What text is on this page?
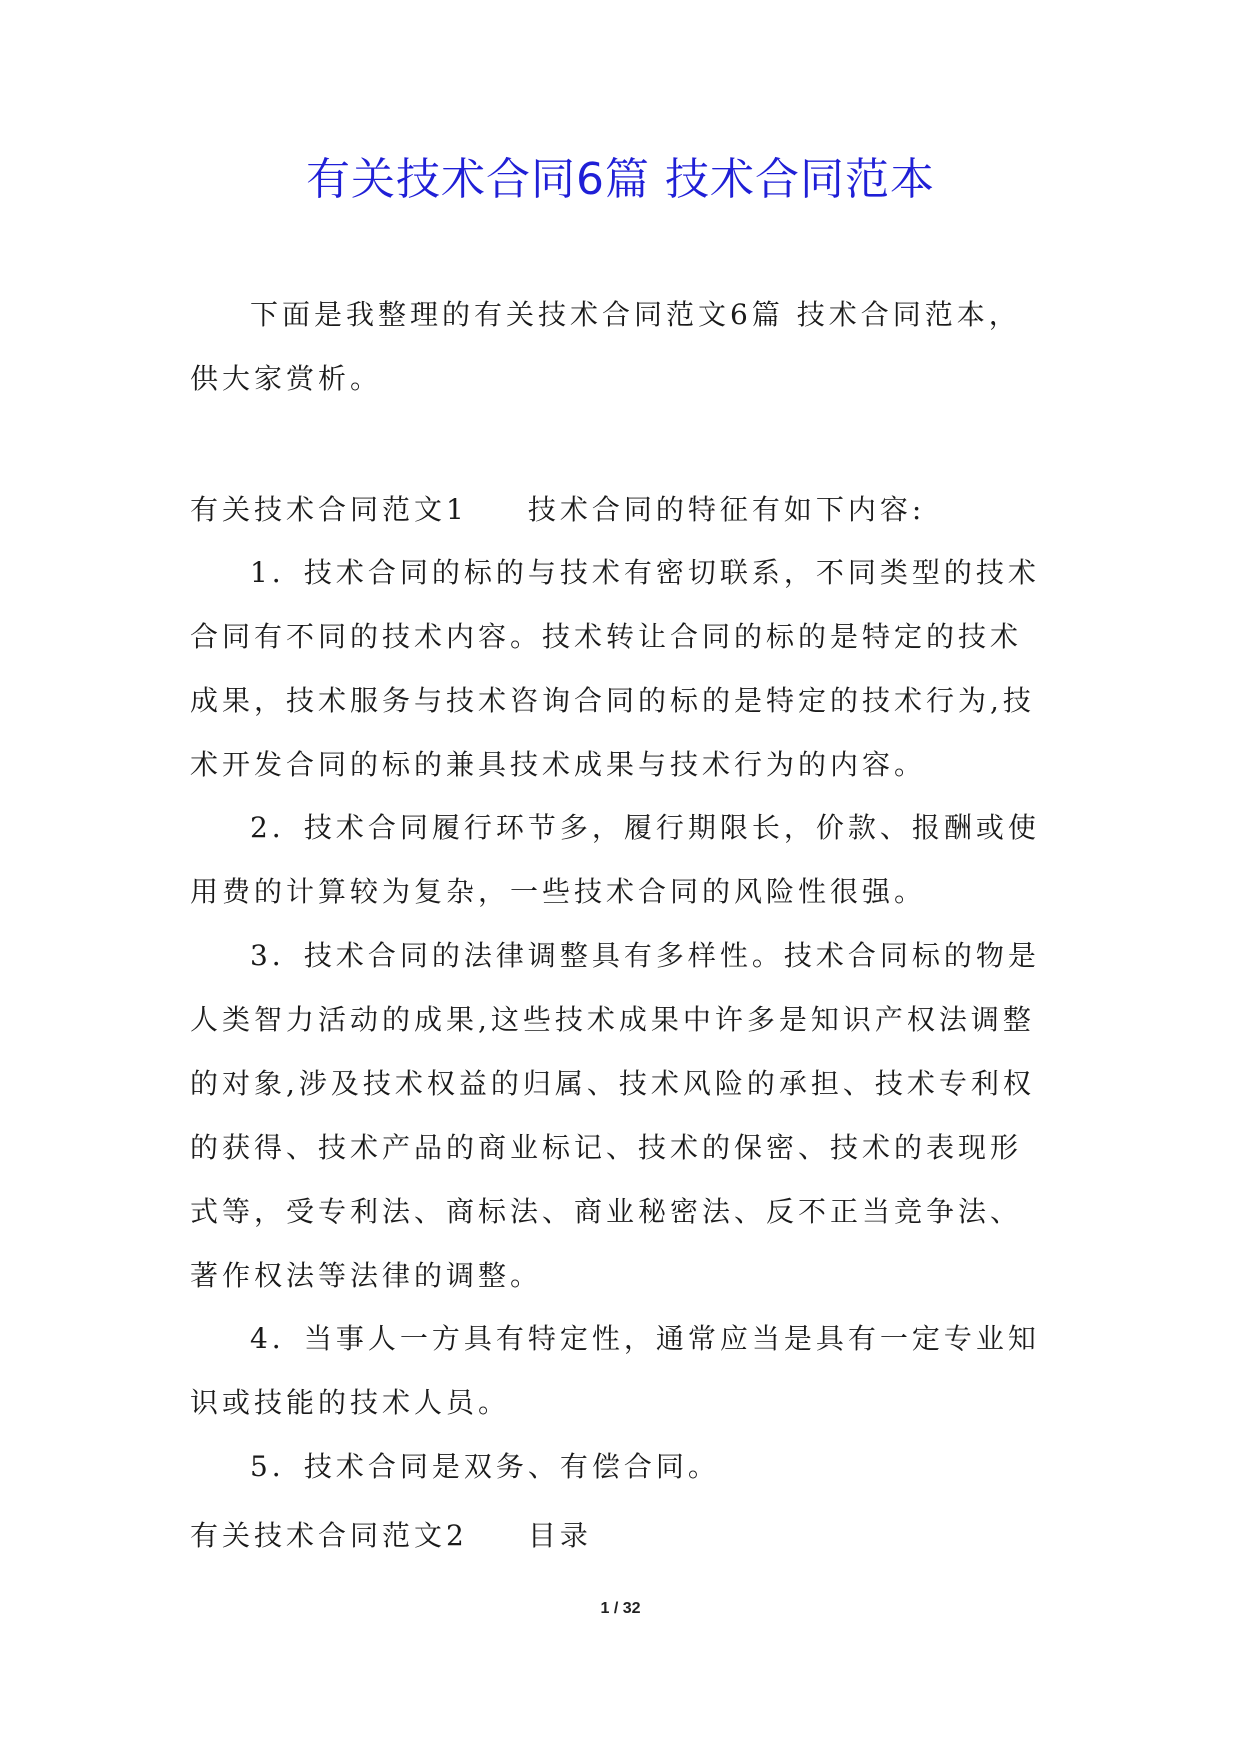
有关技术合同6篇 技术合同范本

下面是我整理的有关技术合同范文6篇 技术合同范本，供大家赏析。

有关技术合同范文1 技术合同的特征有如下内容:

1．技术合同的标的与技术有密切联系，不同类型的技术合同有不同的技术内容。技术转让合同的标的是特定的技术成果，技术服务与技术咨询合同的标的是特定的技术行为,技术开发合同的标的兼具技术成果与技术行为的内容。

2．技术合同履行环节多，履行期限长，价款、报酬或使用费的计算较为复杂，一些技术合同的风险性很强。

3．技术合同的法律调整具有多样性。技术合同标的物是人类智力活动的成果,这些技术成果中许多是知识产权法调整的对象,涉及技术权益的归属、技术风险的承担、技术专利权的获得、技术产品的商业标记、技术的保密、技术的表现形式等，受专利法、商标法、商业秘密法、反不正当竞争法、著作权法等法律的调整。

4．当事人一方具有特定性，通常应当是具有一定专业知识或技能的技术人员。

5．技术合同是双务、有偿合同。

有关技术合同范文2 目录

1 / 32
